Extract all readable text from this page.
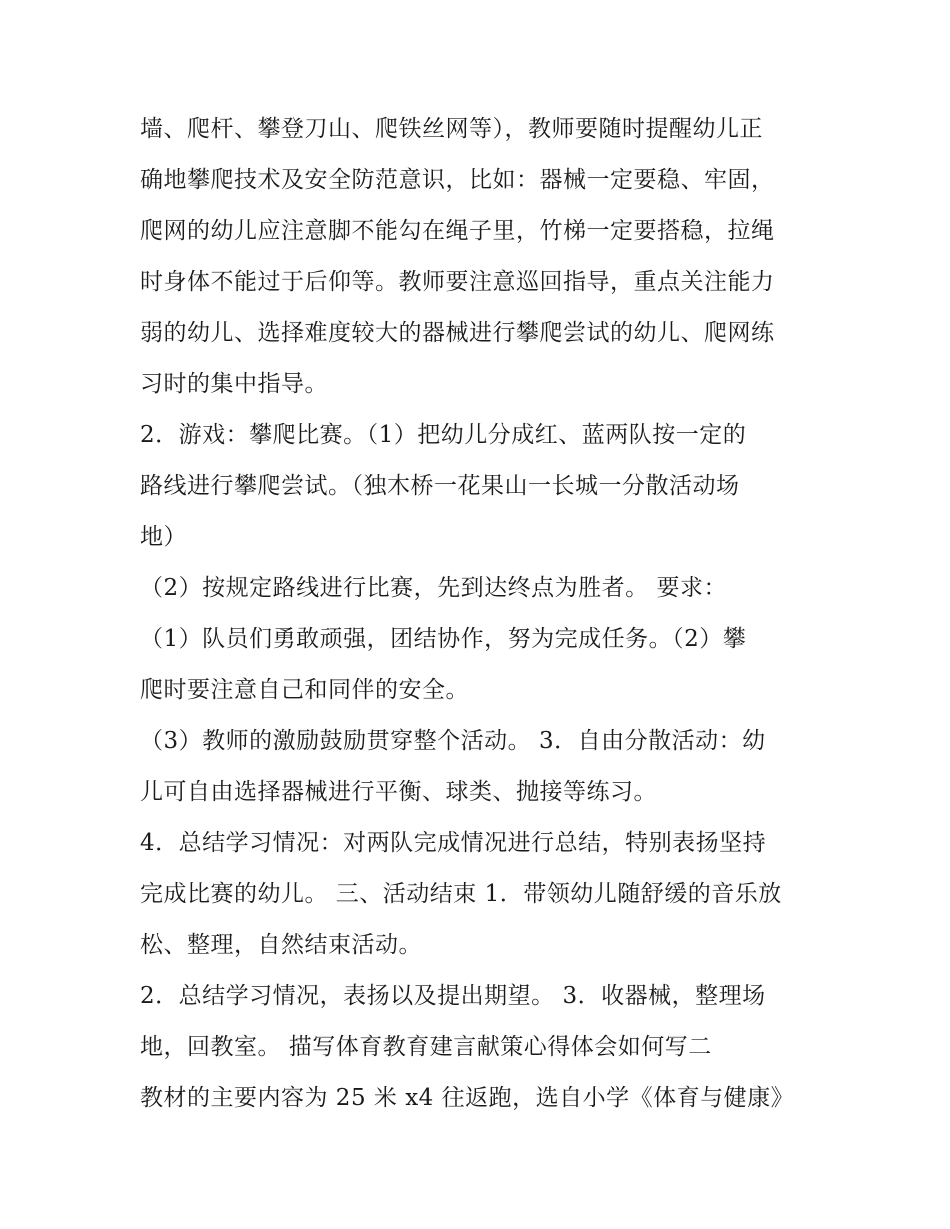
墙、爬杆、攀登刀山、爬铁丝网等），教师要随时提醒幼儿正
确地攀爬技术及安全防范意识，比如：器械一定要稳、牢固，
爬网的幼儿应注意脚不能勾在绳子里，竹梯一定要搭稳，拉绳
时身体不能过于后仰等。教师要注意巡回指导，重点关注能力
弱的幼儿、选择难度较大的器械进行攀爬尝试的幼儿、爬网练
习时的集中指导。
2．游戏：攀爬比赛。（1）把幼儿分成红、蓝两队按一定的
路线进行攀爬尝试。（独木桥一花果山一长城一分散活动场
地）
（2）按规定路线进行比赛，先到达终点为胜者。 要求：
（1）队员们勇敢顽强，团结协作，努为完成任务。（2）攀
爬时要注意自己和同伴的安全。
（3）教师的激励鼓励贯穿整个活动。 3．自由分散活动：幼
儿可自由选择器械进行平衡、球类、抛接等练习。
4．总结学习情况：对两队完成情况进行总结，特别表扬坚持
完成比赛的幼儿。 三、活动结束 1．带领幼儿随舒缓的音乐放
松、整理，自然结束活动。
2．总结学习情况，表扬以及提出期望。 3．收器械，整理场
地，回教室。 描写体育教育建言献策心得体会如何写二
教材的主要内容为 25 米 x4 往返跑，选自小学《体育与健康》
